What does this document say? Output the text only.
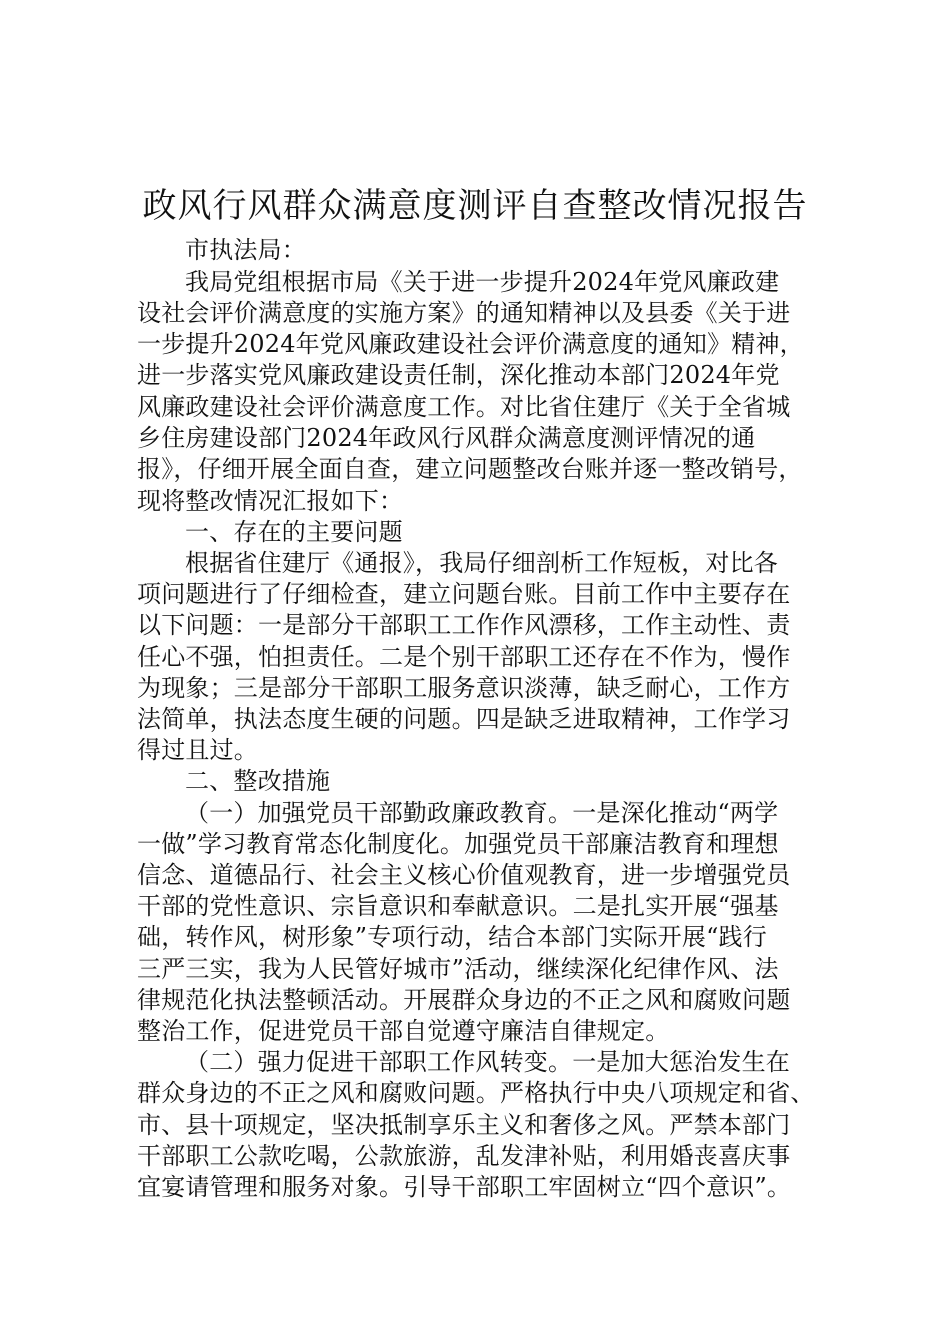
政风行风群众满意度测评自查整改情况报告
市执法局：
我局党组根据市局《关于进一步提升2024年党风廉政建
设社会评价满意度的实施方案》的通知精神以及县委《关于进
一步提升2024年党风廉政建设社会评价满意度的通知》精神，
进一步落实党风廉政建设责任制，深化推动本部门2024年党
风廉政建设社会评价满意度工作。对比省住建厅《关于全省城
乡住房建设部门2024年政风行风群众满意度测评情况的通
报》，仔细开展全面自查，建立问题整改台账并逐一整改销号，
现将整改情况汇报如下：
一、存在的主要问题
根据省住建厅《通报》，我局仔细剖析工作短板，对比各
项问题进行了仔细检查，建立问题台账。目前工作中主要存在
以下问题：一是部分干部职工工作作风漂移，工作主动性、责
任心不强，怕担责任。二是个别干部职工还存在不作为，慢作
为现象；三是部分干部职工服务意识淡薄，缺乏耐心，工作方
法简单，执法态度生硬的问题。四是缺乏进取精神，工作学习
得过且过。
二、整改措施
（一）加强党员干部勤政廉政教育。一是深化推动“两学
一做”学习教育常态化制度化。加强党员干部廉洁教育和理想
信念、道德品行、社会主义核心价值观教育，进一步增强党员
干部的党性意识、宗旨意识和奉献意识。二是扎实开展“强基
础，转作风，树形象”专项行动，结合本部门实际开展“践行
三严三实，我为人民管好城市”活动，继续深化纪律作风、法
律规范化执法整顿活动。开展群众身边的不正之风和腐败问题
整治工作，促进党员干部自觉遵守廉洁自律规定。
（二）强力促进干部职工作风转变。一是加大惩治发生在
群众身边的不正之风和腐败问题。严格执行中央八项规定和省、
市、县十项规定，坚决抵制享乐主义和奢侈之风。严禁本部门
干部职工公款吃喝，公款旅游，乱发津补贴，利用婚丧喜庆事
宜宴请管理和服务对象。引导干部职工牢固树立“四个意识”。
